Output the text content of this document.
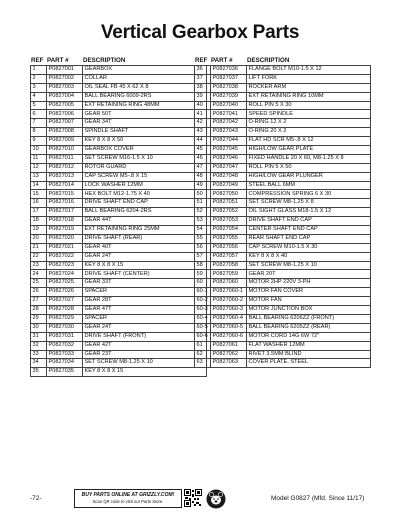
Vertical Gearbox Parts
REF PART #	DESCRIPTION
1	P0827001	GEARBOX
2	P0827002	COLLAR
3	P0827003	OIL SEAL FB 45 X 62 X 8
4	P0827004	BALL BEARING 6009-2RS
5	P0827005	EXT RETAINING RING 48MM
6	P0827006	GEAR 50T
7	P0827007	GEAR 34T
8	P0827008	SPINDLE SHAFT
9	P0827009	KEY 8 X 8 X 50
10	P0827010	GEARBOX COVER
11	P0827011	SET SCREW M16-1.5 X 10
12	P0827012	ROTOR GUARD
13	P0827013	CAP SCREW M5-.8 X 15
14	P0827014	LOCK WASHER 12MM
15	P0827015	HEX BOLT M12-1.75 X 40
16	P0827016	DRIVE SHAFT END CAP
17	P0827017	BALL BEARING 6204-2RS
18	P0827018	GEAR 44T
19	P0827019	EXT RETAINING RING 25MM
20	P0827020	DRIVE SHAFT (REAR)
21	P0827021	GEAR 40T
22	P0827022	GEAR 24T
23	P0827023	KEY 8 X 8 X 15
24	P0827024	DRIVE SHAFT (CENTER)
25	P0827025	GEAR 33T
26	P0827026	SPACER
27	P0827027	GEAR 28T
28	P0827028	GEAR 47T
29	P0827029	SPACER
30	P0827030	GEAR 24T
31	P0827031	DRIVE SHAFT (FRONT)
32	P0827032	GEAR 42T
33	P0827033	GEAR 23T
34	P0827034	SET SCREW M8-1.25 X 10
35	P0827035	KEY 8 X 8 X 15
REF PART #	DESCRIPTION
36	P0827036	FLANGE BOLT M10-1.5 X 12
37	P0827037	LIFT FORK
38	P0827038	ROCKER ARM
39	P0827039	EXT RETAINING RING 10MM
40	P0827040	ROLL PIN 5 X 30
41	P0827041	SPEED SPINDLE
42	P0827042	O-RING 12 X 2
43	P0827043	O-RING 20 X 2
44	P0827044	FLAT HD SCR M5-.8 X 12
45	P0827045	HIGH/LOW GEAR PLATE
46	P0827046	FIXED HANDLE 20 X 60, M8-1.25 X 8
47	P0827047	ROLL PIN 5 X 50
48	P0827048	HIGH/LOW GEAR PLUNGER
49	P0827049	STEEL BALL 6MM
50	P0827050	COMPRESSION SPRING 6 X 30
51	P0827051	SET SCREW M8-1.25 X 8
52	P0827052	OIL SIGHT GLASS M18-1.5 X 12
53	P0827053	DRIVE SHAFT END CAP
54	P0827054	CENTER SHAFT END CAP
55	P0827055	REAR SHAFT END CAP
56	P0827056	CAP SCREW M10-1.5 X 30
57	P0827057	KEY 8 X 8 X 40
58	P0827058	SET SCREW M8-1.25 X 10
59	P0827059	GEAR 20T
60	P0827060	MOTOR 2HP 220V 3-PH
60-1	P0827060-1	MOTOR FAN COVER
60-2	P0827060-2	MOTOR FAN
60-3	P0827060-3	MOTOR JUNCTION BOX
60-4	P0827060-4	BALL BEARING 6206ZZ (FRONT)
60-5	P0827060-5	BALL BEARING 6205ZZ (REAR)
60-6	P0827060-6	MOTOR CORD 14G 6W 72"
61	P0827061	FLAT WASHER 12MM
62	P0827062	RIVET 3.5MM BLIND
63	P0827063	COVER PLATE, STEEL
-72-	BUY PARTS ONLINE AT GRIZZLY.COM!
Scan QR code to visit our Parts Store.	Model G0827 (Mfd. Since 11/17)
